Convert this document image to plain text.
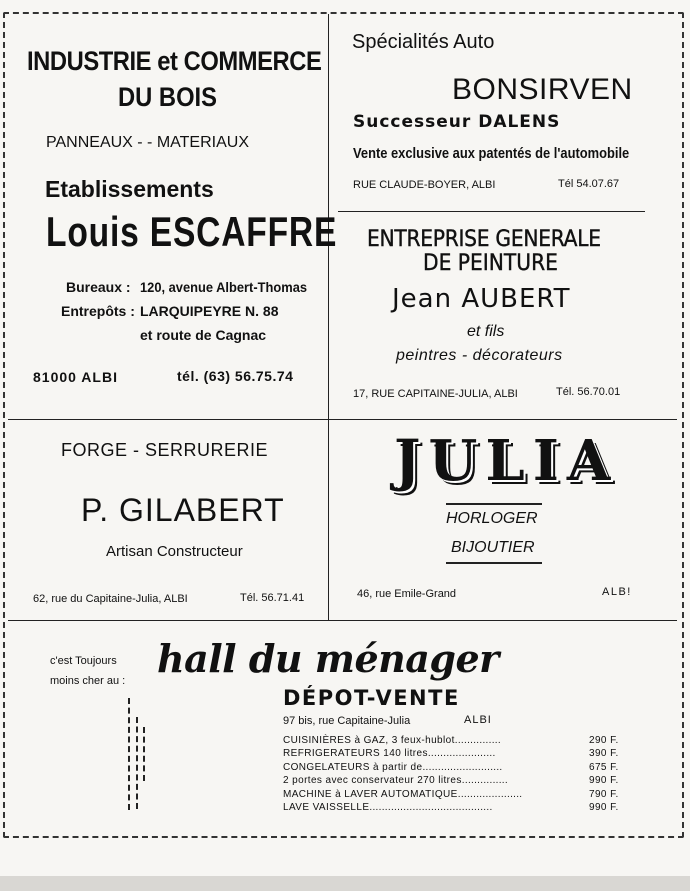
INDUSTRIE et COMMERCE
DU BOIS
PANNEAUX - - MATERIAUX
Etablissements
Louis ESCAFFRE
Bureaux : 120, avenue Albert-Thomas
Entrepôts : LARQUIPEYRE N. 88
et route de Cagnac
81000 ALBI	tél. (63) 56.75.74
Spécialités Auto
BONSIRVEN
Successeur DALENS
Vente exclusive aux patentés de l'automobile
RUE CLAUDE-BOYER, ALBI	Tél 54.07.67
ENTREPRISE GENERALE
DE PEINTURE
Jean AUBERT
et fils
peintres - décorateurs
17, RUE CAPITAINE-JULIA, ALBI	Tél. 56.70.01
FORGE - SERRURERIE
P. GILABERT
Artisan Constructeur
62, rue du Capitaine-Julia, ALBI	Tél. 56.71.41
JULIA
HORLOGER
BIJOUTIER
46, rue Emile-Grand	ALB!
c'est Toujours
moins cher au : hall du ménager
DÉPOT-VENTE
97 bis, rue Capitaine-Julia	ALBI
CUISINIÈRES à GAZ, 3 feux-hublot...............	290 F.
REFRIGERATEURS 140 litres......................	390 F.
CONGELATEURS à partir de..........................	675 F.
2 portes avec conservateur 270 litres...............	990 F.
MACHINE à LAVER AUTOMATIQUE.....................	790 F.
LAVE VAISSELLE........................................	990 F.
